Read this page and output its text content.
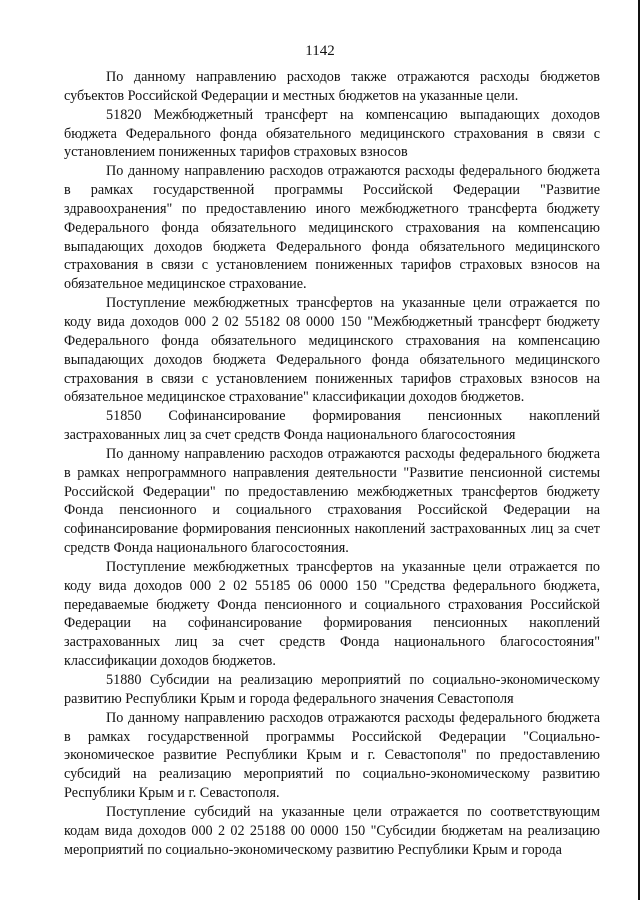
1142

По данному направлению расходов также отражаются расходы бюджетов субъектов Российской Федерации и местных бюджетов на указанные цели.

51820 Межбюджетный трансферт на компенсацию выпадающих доходов бюджета Федерального фонда обязательного медицинского страхования в связи с установлением пониженных тарифов страховых взносов

По данному направлению расходов отражаются расходы федерального бюджета в рамках государственной программы Российской Федерации "Развитие здравоохранения" по предоставлению иного межбюджетного трансферта бюджету Федерального фонда обязательного медицинского страхования на компенсацию выпадающих доходов бюджета Федерального фонда обязательного медицинского страхования в связи с установлением пониженных тарифов страховых взносов на обязательное медицинское страхование.

Поступление межбюджетных трансфертов на указанные цели отражается по коду вида доходов 000 2 02 55182 08 0000 150 "Межбюджетный трансферт бюджету Федерального фонда обязательного медицинского страхования на компенсацию выпадающих доходов бюджета Федерального фонда обязательного медицинского страхования в связи с установлением пониженных тарифов страховых взносов на обязательное медицинское страхование" классификации доходов бюджетов.

51850 Софинансирование формирования пенсионных накоплений застрахованных лиц за счет средств Фонда национального благосостояния

По данному направлению расходов отражаются расходы федерального бюджета в рамках непрограммного направления деятельности "Развитие пенсионной системы Российской Федерации" по предоставлению межбюджетных трансфертов бюджету Фонда пенсионного и социального страхования Российской Федерации на софинансирование формирования пенсионных накоплений застрахованных лиц за счет средств Фонда национального благосостояния.

Поступление межбюджетных трансфертов на указанные цели отражается по коду вида доходов 000 2 02 55185 06 0000 150 "Средства федерального бюджета, передаваемые бюджету Фонда пенсионного и социального страхования Российской Федерации на софинансирование формирования пенсионных накоплений застрахованных лиц за счет средств Фонда национального благосостояния" классификации доходов бюджетов.

51880 Субсидии на реализацию мероприятий по социально-экономическому развитию Республики Крым и города федерального значения Севастополя

По данному направлению расходов отражаются расходы федерального бюджета в рамках государственной программы Российской Федерации "Социально-экономическое развитие Республики Крым и г. Севастополя" по предоставлению субсидий на реализацию мероприятий по социально-экономическому развитию Республики Крым и г. Севастополя.

Поступление субсидий на указанные цели отражается по соответствующим кодам вида доходов 000 2 02 25188 00 0000 150 "Субсидии бюджетам на реализацию мероприятий по социально-экономическому развитию Республики Крым и города
